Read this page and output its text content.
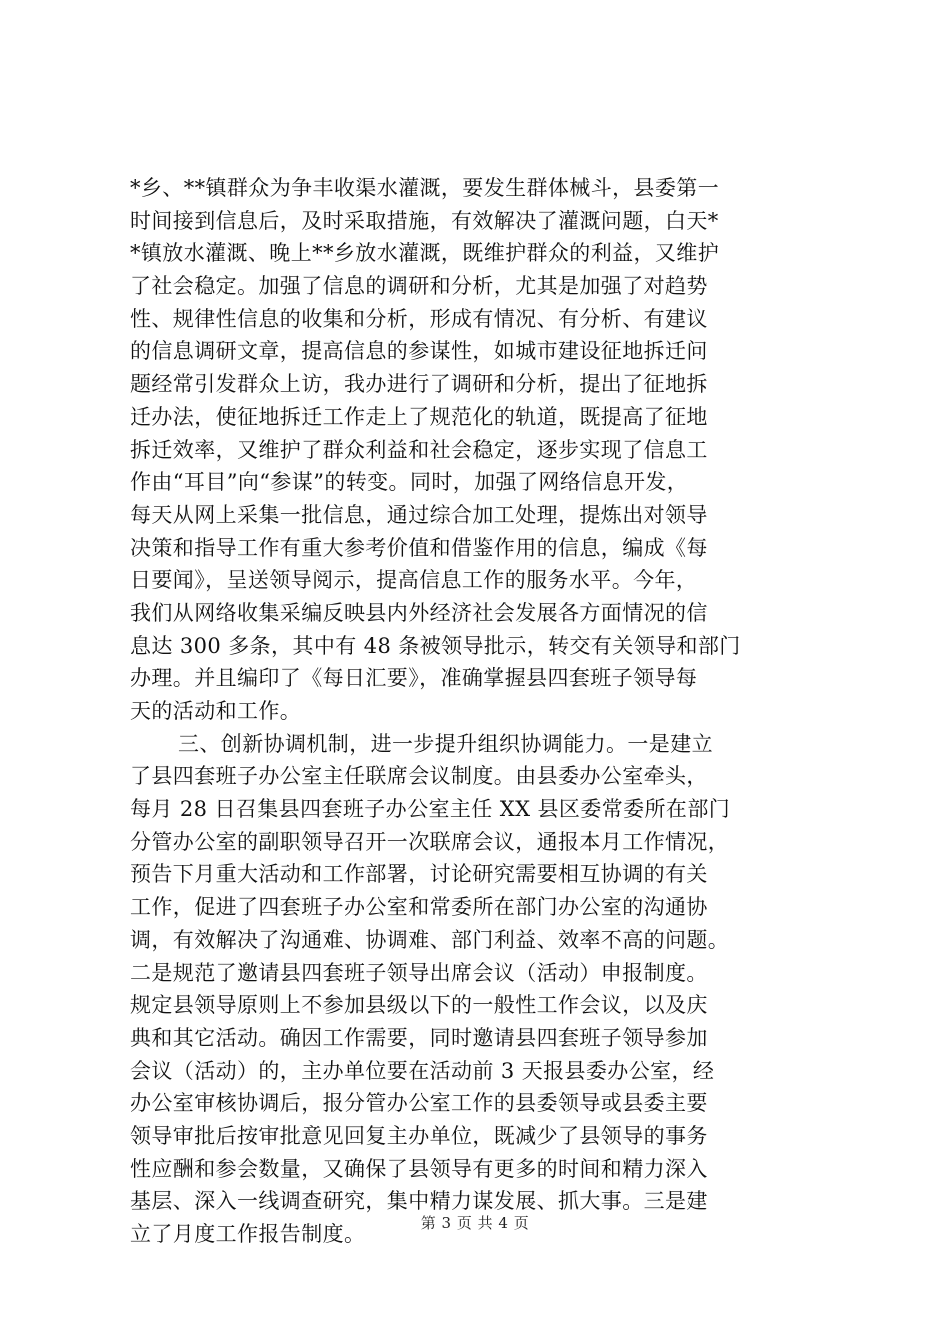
*乡、**镇群众为争丰收渠水灌溉，要发生群体械斗，县委第一
时间接到信息后，及时采取措施，有效解决了灌溉问题，白天*
*镇放水灌溉、晚上**乡放水灌溉，既维护群众的利益，又维护
了社会稳定。加强了信息的调研和分析，尤其是加强了对趋势
性、规律性信息的收集和分析，形成有情况、有分析、有建议
的信息调研文章，提高信息的参谋性，如城市建设征地拆迁问
题经常引发群众上访，我办进行了调研和分析，提出了征地拆
迁办法，使征地拆迁工作走上了规范化的轨道，既提高了征地
拆迁效率，又维护了群众利益和社会稳定，逐步实现了信息工
作由“耳目”向“参谋”的转变。同时，加强了网络信息开发，
每天从网上采集一批信息，通过综合加工处理，提炼出对领导
决策和指导工作有重大参考价值和借鉴作用的信息，编成《每
日要闻》，呈送领导阅示，提高信息工作的服务水平。今年，
我们从网络收集采编反映县内外经济社会发展各方面情况的信
息达 300 多条，其中有 48 条被领导批示，转交有关领导和部门
办理。并且编印了《每日汇要》，准确掌握县四套班子领导每
天的活动和工作。
三、创新协调机制，进一步提升组织协调能力。一是建立
了县四套班子办公室主任联席会议制度。由县委办公室牵头，
每月 28 日召集县四套班子办公室主任 XX 县区委常委所在部门
分管办公室的副职领导召开一次联席会议，通报本月工作情况，
预告下月重大活动和工作部署，讨论研究需要相互协调的有关
工作，促进了四套班子办公室和常委所在部门办公室的沟通协
调，有效解决了沟通难、协调难、部门利益、效率不高的问题。
二是规范了邀请县四套班子领导出席会议（活动）申报制度。
规定县领导原则上不参加县级以下的一般性工作会议，以及庆
典和其它活动。确因工作需要，同时邀请县四套班子领导参加
会议（活动）的，主办单位要在活动前 3 天报县委办公室，经
办公室审核协调后，报分管办公室工作的县委领导或县委主要
领导审批后按审批意见回复主办单位，既减少了县领导的事务
性应酬和参会数量，又确保了县领导有更多的时间和精力深入
基层、深入一线调查研究，集中精力谋发展、抓大事。三是建
立了月度工作报告制度。	第 3 页 共 4 页
